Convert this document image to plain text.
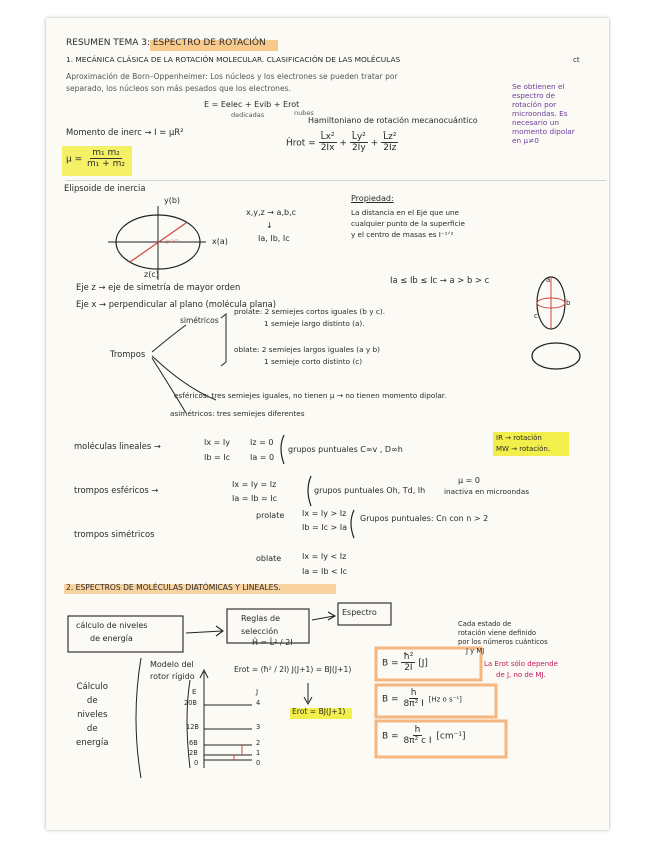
RESUMEN TEMA 3: ESPECTRO DE ROTACIÓN
ct
1. MECÁNICA CLÁSICA DE LA ROTACIÓN MOLECULAR. CLASIFICACIÓN DE LAS MOLÉCULAS
Aproximación de Born–Oppenheimer: Los núcleos y los electrones se pueden tratar por
separado, los núcleos son más pesados que los electrones.
E = Eelec + Evib + Erot
dedicadas	nubes
Se obtienen el
espectro de
rotación por
microondas. Es
necesario un
momento dipolar
en µ≠0
Momento de inerc → I = µR²
$\mu = \frac{\text{m₁ m₂}}{\text{m₁ + m₂}}$
Hamiltoniano de rotación mecanocuántico
Ĥrot = $\frac{\text{L̂x²}}{2Ix} + \frac{\text{L̂y²}}{2Iy} + \frac{\text{L̂z²}}{2Iz}$
Elipsoide de inercia
y(b)
x(a)
z(c)
I⁻¹ᐟ²
x,y,z → a,b,c
↓
Ia, Ib, Ic
Propiedad:
La distancia en el Eje que une
cualquier punto de la superficie
y el centro de masas es I⁻¹ᐟ²
Ia ≤ Ib ≤ Ic → a > b > c
Eje z → eje de simetría de mayor orden
Eje x → perpendicular al plano (molécula plana)
a
b
c
Trompos
simétricos
prolate: 2 semiejes cortos iguales (b y c).
1 semieje largo distinto (a).
oblate: 2 semiejes largos iguales (a y b)
1 semieje corto distinto (c)
esféricos: tres semiejes iguales, no tienen µ → no tienen momento dipolar.
asimétricos: tres semiejes diferentes
moléculas lineales →	Ix = Iy
Ib = Ic
Iz = 0
Ia = 0
grupos puntuales C∞v , D∞h
IR → rotación
MW → rotación.
trompos esféricos →
Ix = Iy = Iz
Ia = Ib = Ic
grupos puntuales Oh, Td, Ih
µ = 0
inactiva en microondas
trompos simétricos
prolate Ix = Iy > Iz
Ib = Ic > Ia
Grupos puntuales: Cn con n > 2
oblate	Ix = Iy < Iz
Ia = Ib < Ic
2. ESPECTROS DE MOLÉCULAS DIATÓMICAS Y LINEALES.
cálculo de niveles
de energía
Reglas de
selección
Espectro
Cada estado de
rotación viene definido
por los números cuánticos
J y MJ
La Erot sólo depende
de J, no de MJ.
Ĥ = L̂² / 2I
Modelo del
rotor rígido
Erot = (ħ² / 2I) J(J+1) = BJ(J+1)
Erot = BJ(J+1)
$B = \frac{\text{ħ²}}{2I} [J]$
$B = \frac{h}{\text{8π² I}} [Hz$ o s⁻¹]
$B = \frac{h}{\text{8π² c I}} [cm^{-1}]$
Cálculo
de
niveles
de
energía
E	J
20B	4
12B	3
6B	2
2B	1
0	0
